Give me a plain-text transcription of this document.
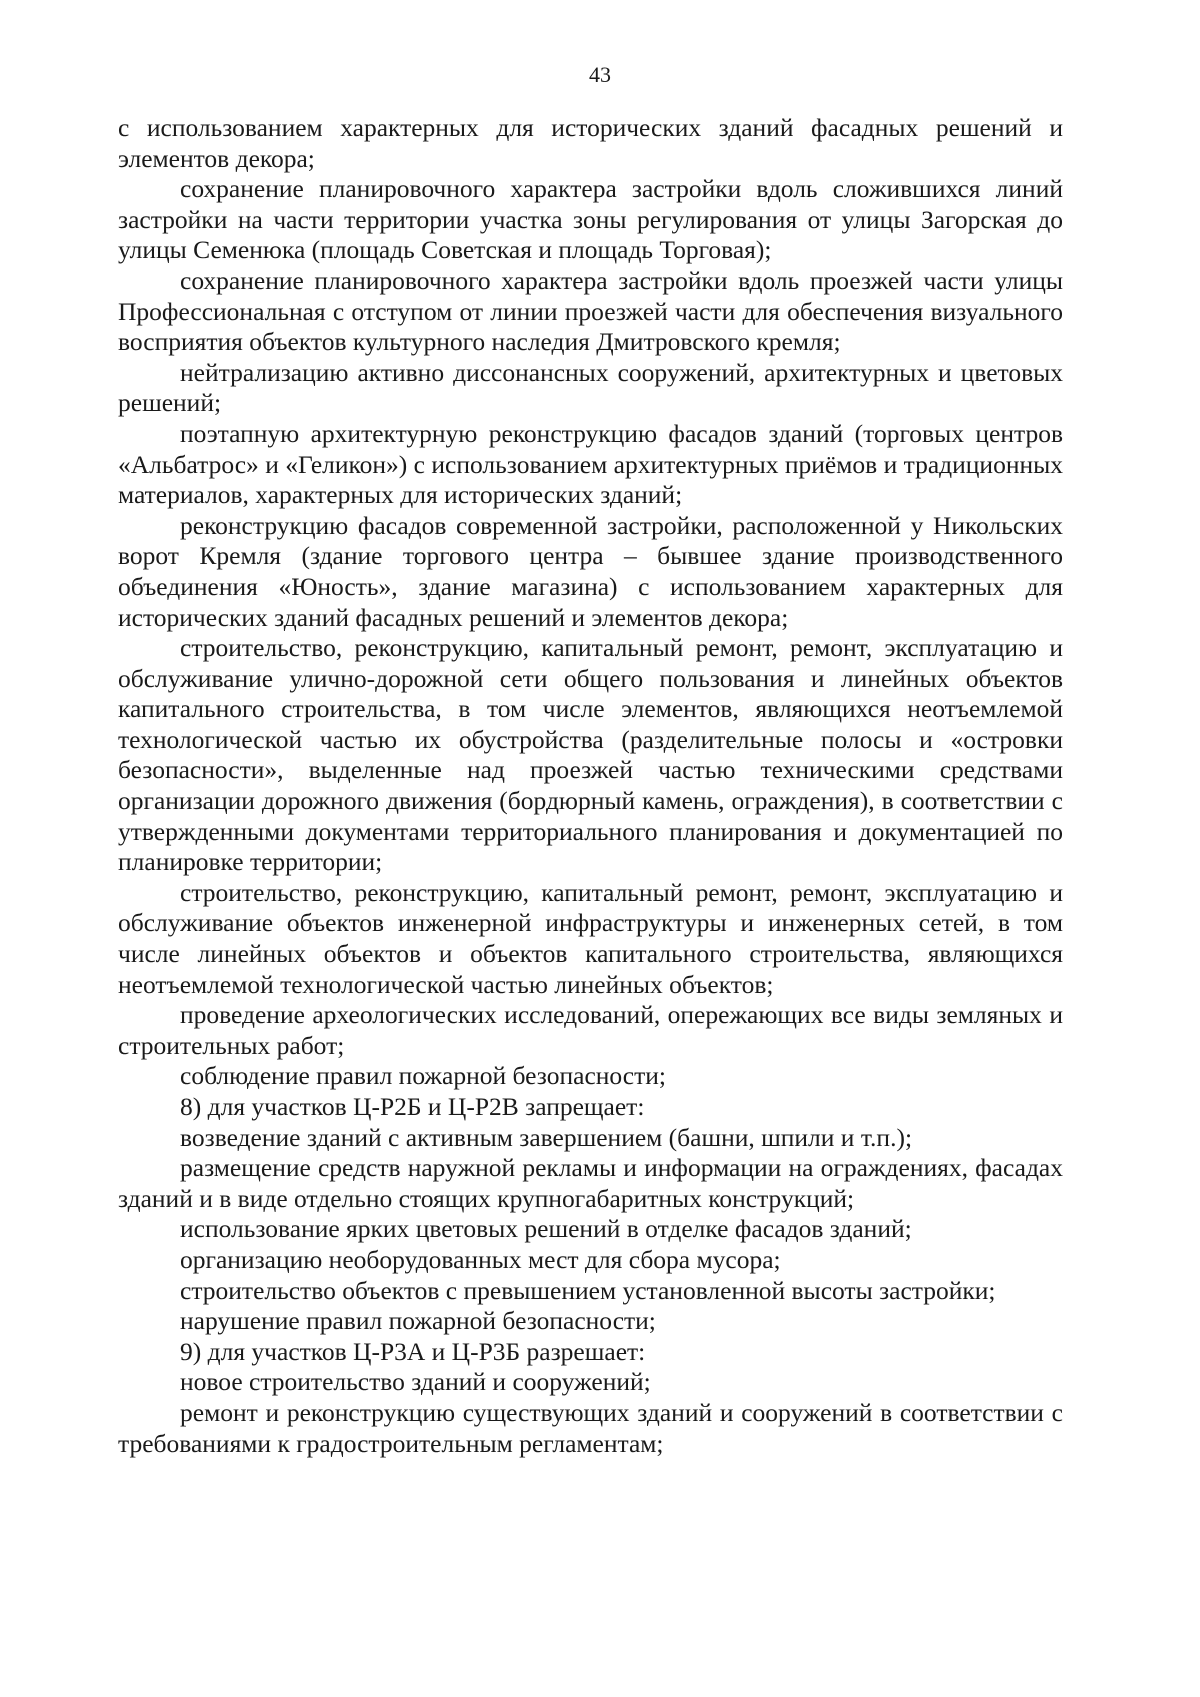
43

с использованием характерных для исторических зданий фасадных решений и элементов декора;

сохранение планировочного характера застройки вдоль сложившихся линий застройки на части территории участка зоны регулирования от улицы Загорская до улицы Семенюка (площадь Советская и площадь Торговая);

сохранение планировочного характера застройки вдоль проезжей части улицы Профессиональная с отступом от линии проезжей части для обеспечения визуального восприятия объектов культурного наследия Дмитровского кремля;

нейтрализацию активно диссонансных сооружений, архитектурных и цветовых решений;

поэтапную архитектурную реконструкцию фасадов зданий (торговых центров «Альбатрос» и «Геликон») с использованием архитектурных приёмов и традиционных материалов, характерных для исторических зданий;

реконструкцию фасадов современной застройки, расположенной у Никольских ворот Кремля (здание торгового центра – бывшее здание производственного объединения «Юность», здание магазина) с использованием характерных для исторических зданий фасадных решений и элементов декора;

строительство, реконструкцию, капитальный ремонт, ремонт, эксплуатацию и обслуживание улично-дорожной сети общего пользования и линейных объектов капитального строительства, в том числе элементов, являющихся неотъемлемой технологической частью их обустройства (разделительные полосы и «островки безопасности», выделенные над проезжей частью техническими средствами организации дорожного движения (бордюрный камень, ограждения), в соответствии с утвержденными документами территориального планирования и документацией по планировке территории;

строительство, реконструкцию, капитальный ремонт, ремонт, эксплуатацию и обслуживание объектов инженерной инфраструктуры и инженерных сетей, в том числе линейных объектов и объектов капитального строительства, являющихся неотъемлемой технологической частью линейных объектов;

проведение археологических исследований, опережающих все виды земляных и строительных работ;

соблюдение правил пожарной безопасности;

8) для участков Ц-Р2Б и Ц-Р2В запрещает:

возведение зданий с активным завершением (башни, шпили и т.п.);

размещение средств наружной рекламы и информации на ограждениях, фасадах зданий и в виде отдельно стоящих крупногабаритных конструкций;

использование ярких цветовых решений в отделке фасадов зданий;

организацию необорудованных мест для сбора мусора;

строительство объектов с превышением установленной высоты застройки;

нарушение правил пожарной безопасности;

9) для участков Ц-Р3А и Ц-Р3Б разрешает:

новое строительство зданий и сооружений;

ремонт и реконструкцию существующих зданий и сооружений в соответствии с требованиями к градостроительным регламентам;
